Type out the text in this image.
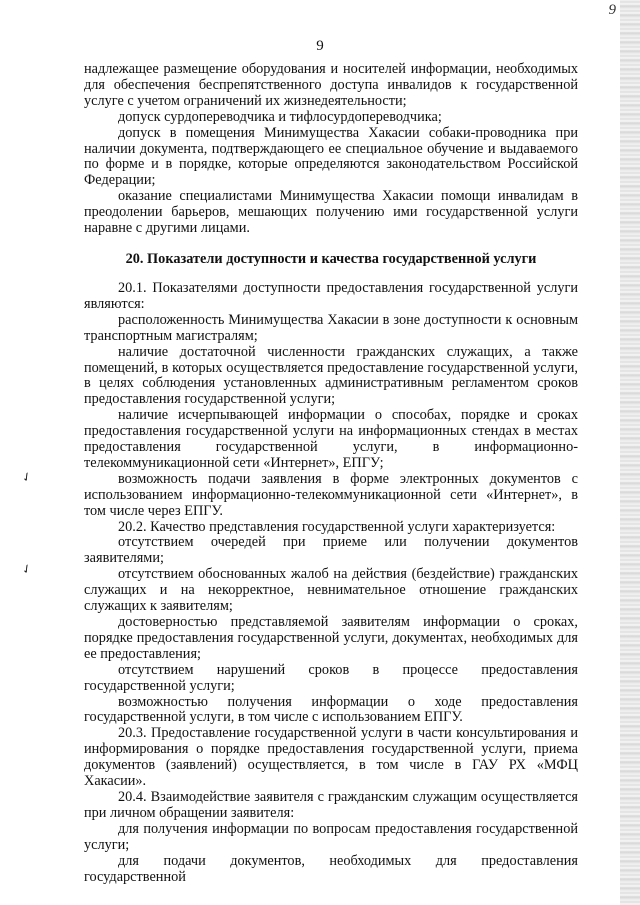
9
9
✓
✓

надлежащее размещение оборудования и носителей информации, необходимых для обеспечения беспрепятственного доступа инвалидов к государственной услуге с учетом ограничений их жизнедеятельности;

допуск сурдопереводчика и тифлосурдопереводчика;

допуск в помещения Минимущества Хакасии собаки-проводника при наличии документа, подтверждающего ее специальное обучение и выдаваемого по форме и в порядке, которые определяются законодательством Российской Федерации;

оказание специалистами Минимущества Хакасии помощи инвалидам в преодолении барьеров, мешающих получению ими государственной услуги наравне с другими лицами.

20. Показатели доступности и качества государственной услуги

20.1. Показателями доступности предоставления государственной услуги являются:

расположенность Минимущества Хакасии в зоне доступности к основным транспортным магистралям;

наличие достаточной численности гражданских служащих, а также помещений, в которых осуществляется предоставление государственной услуги, в целях соблюдения установленных административным регламентом сроков предоставления государственной услуги;

наличие исчерпывающей информации о способах, порядке и сроках предоставления государственной услуги на информационных стендах в местах предоставления государственной услуги, в информационно-телекоммуникационной сети «Интернет», ЕПГУ;

возможность подачи заявления в форме электронных документов с использованием информационно-телекоммуникационной сети «Интернет», в том числе через ЕПГУ.

20.2. Качество представления государственной услуги характеризуется:

отсутствием очередей при приеме или получении документов заявителями;

отсутствием обоснованных жалоб на действия (бездействие) гражданских служащих и на некорректное, невнимательное отношение гражданских служащих к заявителям;

достоверностью представляемой заявителям информации о сроках, порядке предоставления государственной услуги, документах, необходимых для ее предоставления;

отсутствием нарушений сроков в процессе предоставления государственной услуги;

возможностью получения информации о ходе предоставления государственной услуги, в том числе с использованием ЕПГУ.

20.3. Предоставление государственной услуги в части консультирования и информирования о порядке предоставления государственной услуги, приема документов (заявлений) осуществляется, в том числе в ГАУ РХ «МФЦ Хакасии».

20.4. Взаимодействие заявителя с гражданским служащим осуществляется при личном обращении заявителя:

для получения информации по вопросам предоставления государственной услуги;

для подачи документов, необходимых для предоставления государственной
